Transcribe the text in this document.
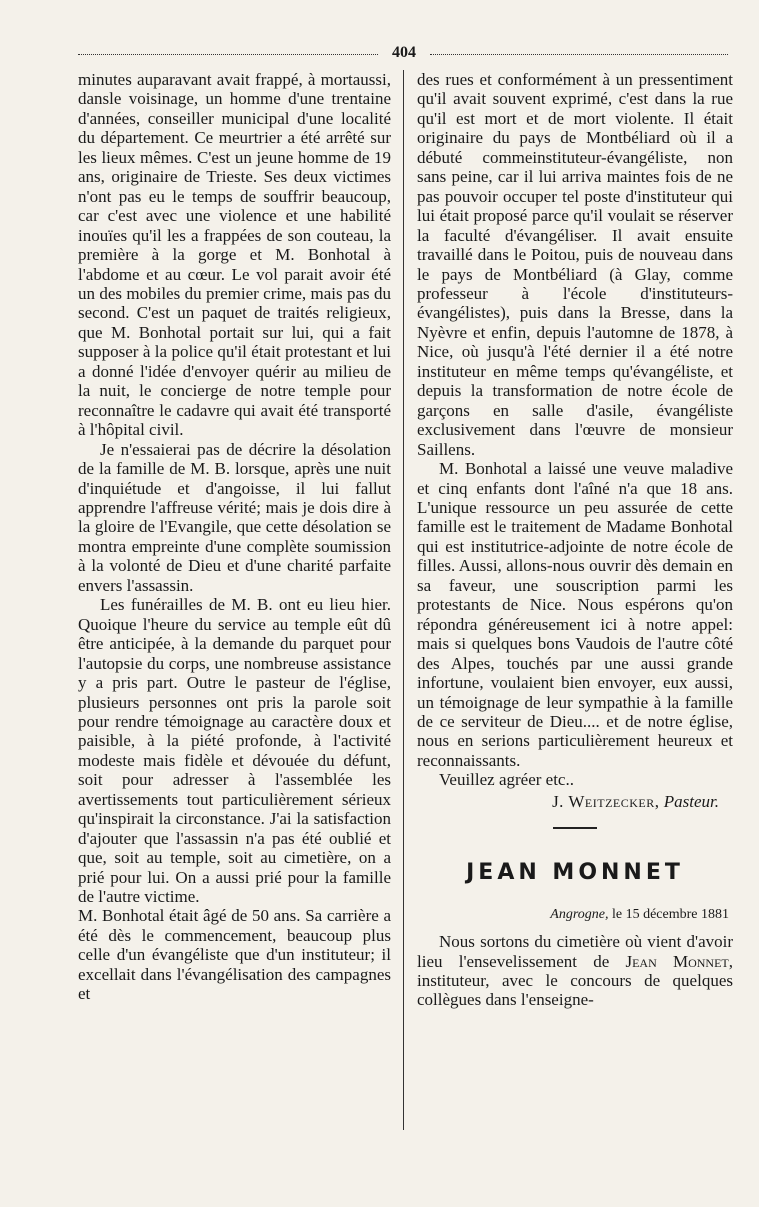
404

minutes auparavant avait frappé, à mortaussi, dansle voisinage, un homme d'une trentaine d'années, conseiller municipal d'une localité du département. Ce meurtrier a été arrêté sur les lieux mêmes. C'est un jeune homme de 19 ans, originaire de Trieste. Ses deux victimes n'ont pas eu le temps de souffrir beaucoup, car c'est avec une violence et une habilité inouïes qu'il les a frappées de son couteau, la première à la gorge et M. Bonhotal à l'abdome et au cœur. Le vol parait avoir été un des mobiles du premier crime, mais pas du second. C'est un paquet de traités religieux, que M. Bonhotal portait sur lui, qui a fait supposer à la police qu'il était protestant et lui a donné l'idée d'envoyer quérir au milieu de la nuit, le concierge de notre temple pour reconnaître le cadavre qui avait été transporté à l'hôpital civil.

Je n'essaierai pas de décrire la désolation de la famille de M. B. lorsque, après une nuit d'inquiétude et d'angoisse, il lui fallut apprendre l'affreuse vérité; mais je dois dire à la gloire de l'Evangile, que cette désolation se montra empreinte d'une complète soumission à la volonté de Dieu et d'une charité parfaite envers l'assassin.

Les funérailles de M. B. ont eu lieu hier. Quoique l'heure du service au temple eût dû être anticipée, à la demande du parquet pour l'autopsie du corps, une nombreuse assistance y a pris part. Outre le pasteur de l'église, plusieurs personnes ont pris la parole soit pour rendre témoignage au caractère doux et paisible, à la piété profonde, à l'activité modeste mais fidèle et dévouée du défunt, soit pour adresser à l'assemblée les avertissements tout particulièrement sérieux qu'inspirait la circonstance. J'ai la satisfaction d'ajouter que l'assassin n'a pas été oublié et que, soit au temple, soit au cimetière, on a prié pour lui. On a aussi prié pour la famille de l'autre victime.

M. Bonhotal était âgé de 50 ans. Sa carrière a été dès le commencement, beaucoup plus celle d'un évangéliste que d'un instituteur; il excellait dans l'évangélisation des campagnes et

des rues et conformément à un pressentiment qu'il avait souvent exprimé, c'est dans la rue qu'il est mort et de mort violente. Il était originaire du pays de Montbéliard où il a débuté commeinstituteur-évangéliste, non sans peine, car il lui arriva maintes fois de ne pas pouvoir occuper tel poste d'instituteur qui lui était proposé parce qu'il voulait se réserver la faculté d'évangéliser. Il avait ensuite travaillé dans le Poitou, puis de nouveau dans le pays de Montbéliard (à Glay, comme professeur à l'école d'instituteurs-évangélistes), puis dans la Bresse, dans la Nyèvre et enfin, depuis l'automne de 1878, à Nice, où jusqu'à l'été dernier il a été notre instituteur en même temps qu'évangéliste, et depuis la transformation de notre école de garçons en salle d'asile, évangéliste exclusivement dans l'œuvre de monsieur Saillens.

M. Bonhotal a laissé une veuve maladive et cinq enfants dont l'aîné n'a que 18 ans. L'unique ressource un peu assurée de cette famille est le traitement de Madame Bonhotal qui est institutrice-adjointe de notre école de filles. Aussi, allons-nous ouvrir dès demain en sa faveur, une souscription parmi les protestants de Nice. Nous espérons qu'on répondra généreusement ici à notre appel: mais si quelques bons Vaudois de l'autre côté des Alpes, touchés par une aussi grande infortune, voulaient bien envoyer, eux aussi, un témoignage de leur sympathie à la famille de ce serviteur de Dieu.... et de notre église, nous en serions particulièrement heureux et reconnaissants.

Veuillez agréer etc..

J. Weitzecker, Pasteur.

JEAN MONNET
Angrogne, le 15 décembre 1881

Nous sortons du cimetière où vient d'avoir lieu l'ensevelissement de Jean Monnet, instituteur, avec le concours de quelques collègues dans l'enseigne-
